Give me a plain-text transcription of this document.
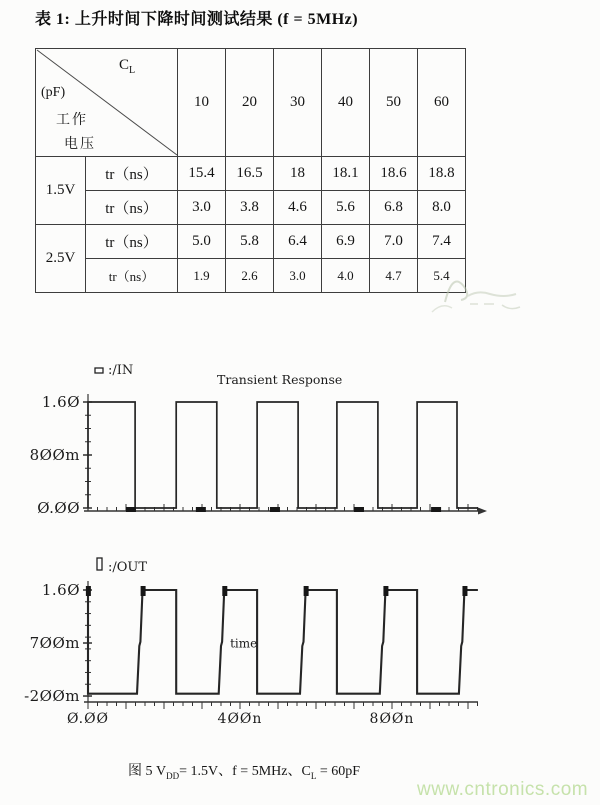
表 1: 上升时间下降时间测试结果 (f = 5MHz)
$C_L$
(pF)
工作
电压		10	20	30	40	50	60
1.5V	tr（ns）	15.4	16.5	18	18.1	18.6	18.8
	tr（ns）	3.0	3.8	4.6	5.6	6.8	8.0
2.5V	tr（ns）	5.0	5.8	6.4	6.9	7.0	7.4
	tr（ns）	1.9	2.6	3.0	4.0	4.7	5.4
1.6Ø
8ØØm
Ø.ØØ
:/IN
Transient Response
1.6Ø
7ØØm
-2ØØm
Ø.ØØ	4ØØn	8ØØn
:/OUT
time
图 5 $V_{DD}= 1.5V$、f = 5MHz、$C_L = 60pF$
www.cntronics.com
